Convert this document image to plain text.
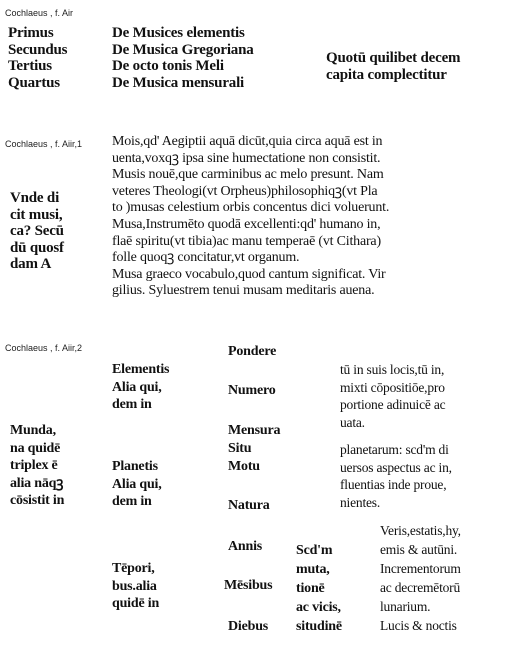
Cochlaeus , f. Air
Primus
Secundus
Tertius
Quartus
De Musices elementis
De Musica Gregoriana
De octo tonis Meli
De Musica mensurali
Quotū quilibet decem
capita complectitur
Cochlaeus , f. Aiir,1
Vnde di
cit musi,
ca? Secū
dū quosf
dam A
Mois,qd' Aegiptii aquā dicūt,quia circa aquā est in
uenta,voxqꝫ ipsa sine humectatione non consistit.
Musis nouē,que carminibus ac melo presunt. Nam
veteres Theologi(vt Orpheus)philosophiqꝫ(vt Pla
to )musas celestium orbis concentus dici voluerunt.
Musa,Instrumēto quodā excellenti:qd' humano in,
flaē spiritu(vt tibia)ac manu temperaē (vt Cithara)
folle quoqꝫ concitatur,vt organum.
Musa graeco vocabulo,quod cantum significat. Vir
gilius. Syluestrem tenui musam meditaris auena.
Cochlaeus , f. Aiir,2
Munda,
na quidē
triplex ē
alia nāqꝫ
cōsistit in
Elementis
Alia qui,
dem in
Planetis
Alia qui,
dem in
Tēpori,
bus.alia
quidē in
Pondere
Numero
Mensura
Situ
Motu
Natura
Annis
Mēsibus
Diebus
Scd'm
muta,
tionē
ac vicis,
situdinē
tū in suis locis,tū in,
mixti cōpositiōe,pro
portione adinuicē ac
uata.
planetarum: scd'm di
uersos aspectus ac in,
fluentias inde proue,
nientes.
Veris,estatis,hy,
emis & autūni.
Incrementorum
ac decremētorū
lunarium.
Lucis & noctis
